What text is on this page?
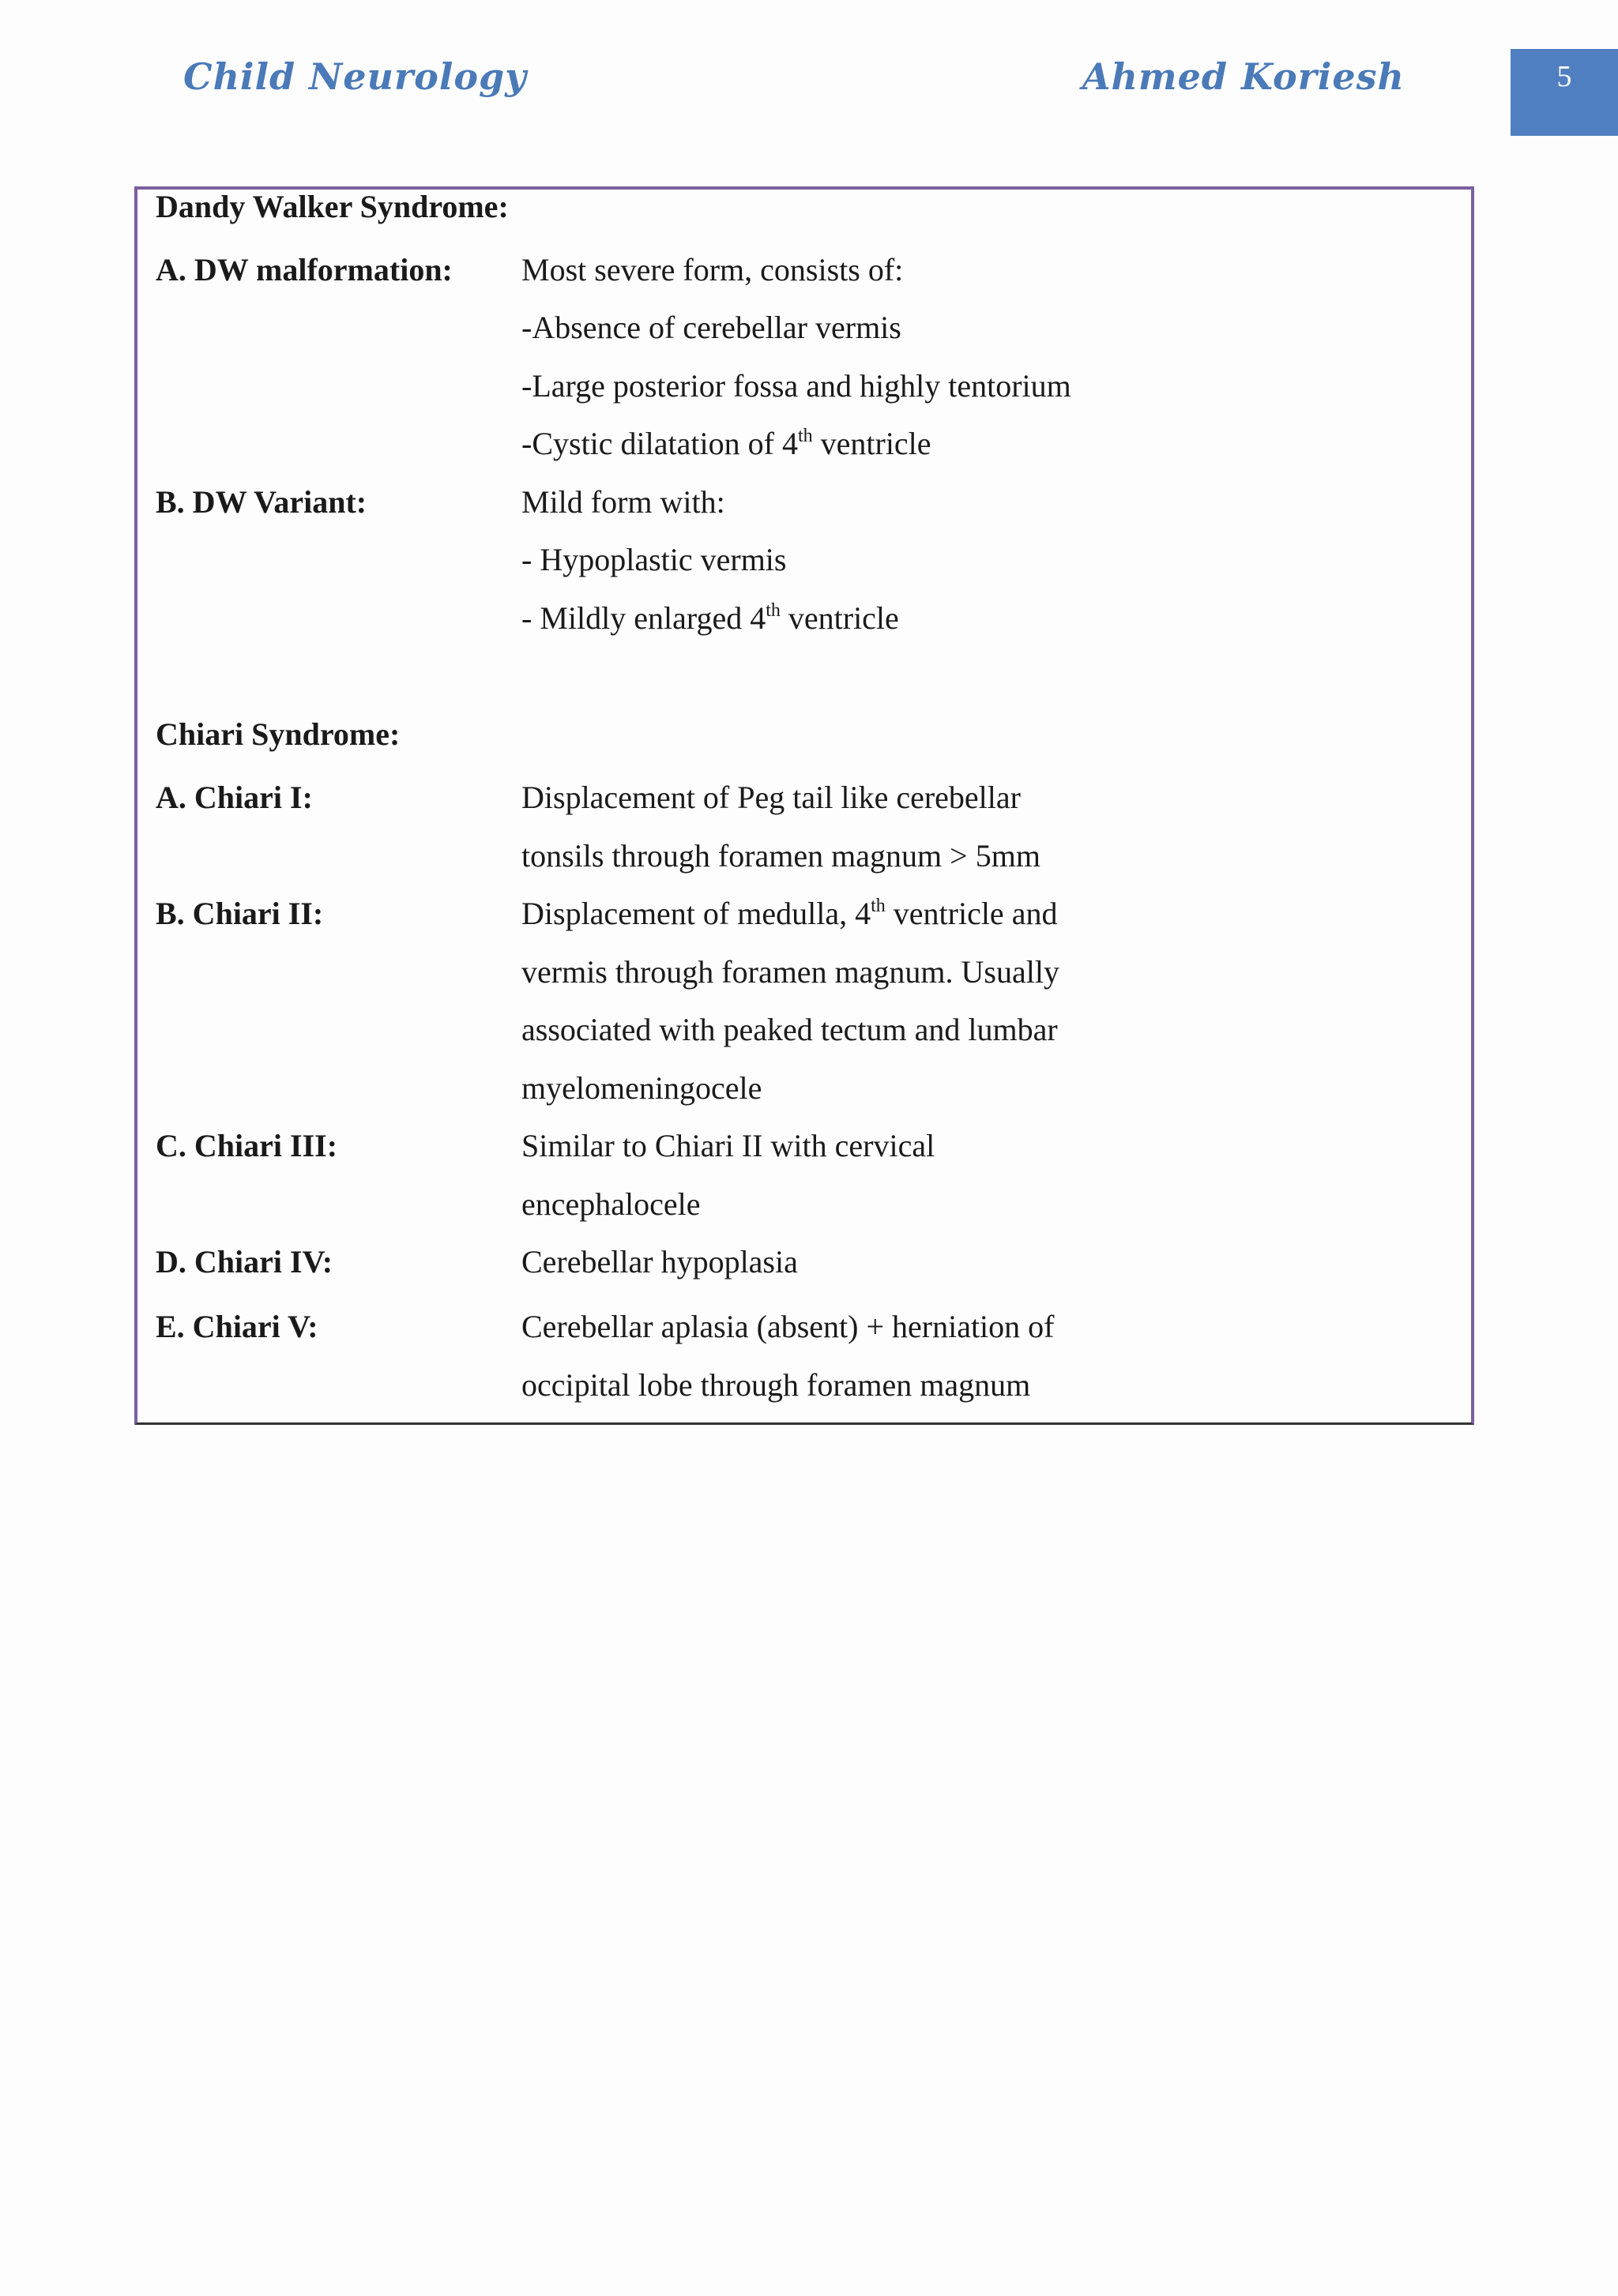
Child Neurology	Ahmed Koriesh	5
Dandy Walker Syndrome:
A. DW malformation: Most severe form, consists of:
-Absence of cerebellar vermis
-Large posterior fossa and highly tentorium
-Cystic dilatation of 4th ventricle
B. DW Variant:	Mild form with:
- Hypoplastic vermis
- Mildly enlarged 4th ventricle
Chiari Syndrome:
A. Chiari I:	Displacement of Peg tail like cerebellar
tonsils through foramen magnum > 5mm
B. Chiari II:	Displacement of medulla, 4th ventricle and
vermis through foramen magnum. Usually
associated with peaked tectum and lumbar
myelomeningocele
C. Chiari III:	Similar to Chiari II with cervical
encephalocele
D. Chiari IV:	Cerebellar hypoplasia
E. Chiari V:	Cerebellar aplasia (absent) + herniation of
occipital lobe through foramen magnum
